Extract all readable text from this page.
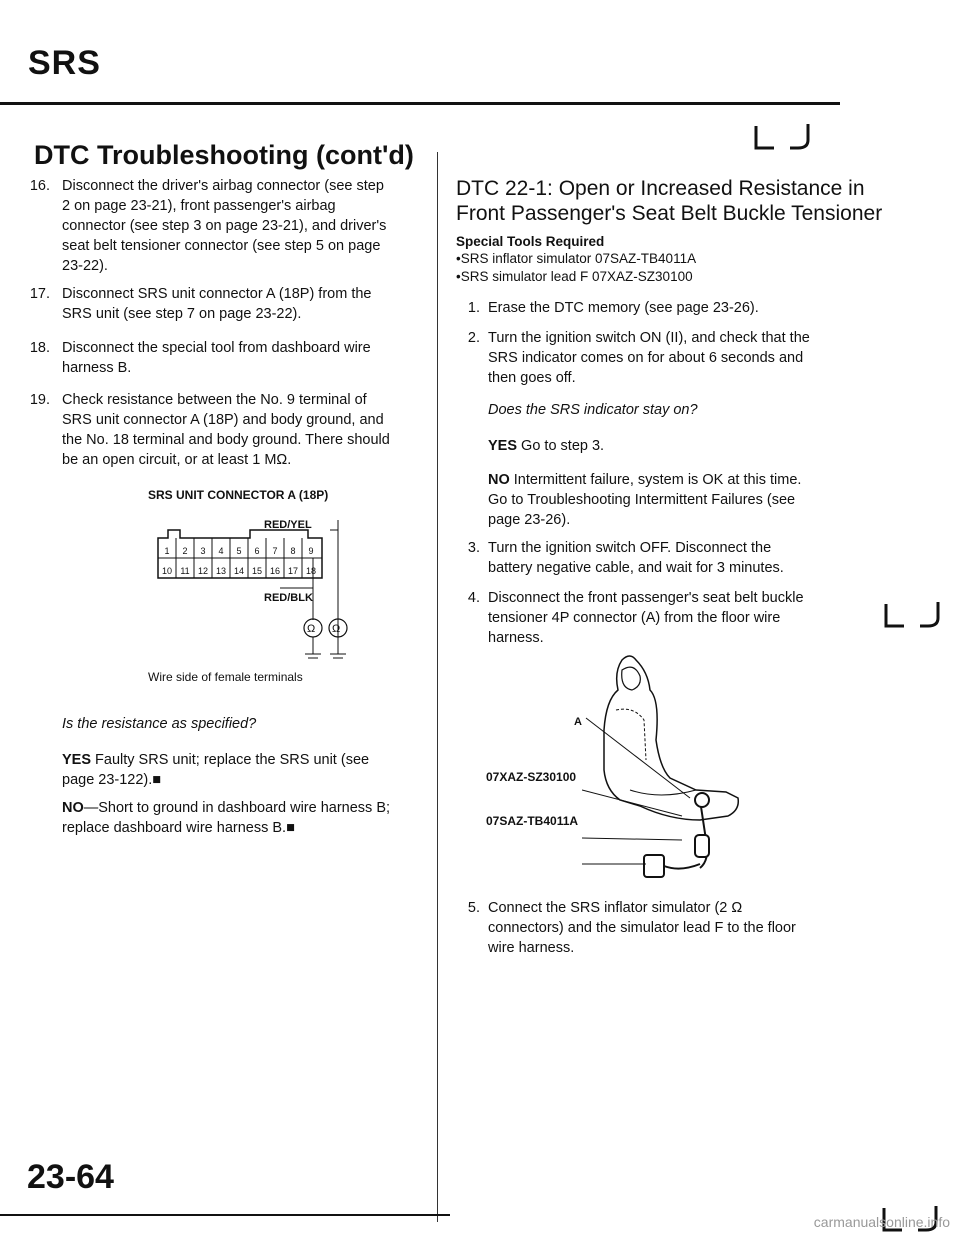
SRS
DTC Troubleshooting (cont'd)
16. Disconnect the driver's airbag connector (see step
2 on page 23-21), front passenger's airbag
connector (see step 3 on page 23-21), and driver's
seat belt tensioner connector (see step 5 on page
23-22).
17. Disconnect SRS unit connector A (18P) from the
SRS unit (see step 7 on page 23-22).
18. Disconnect the special tool from dashboard wire
harness B.
19. Check resistance between the No. 9 terminal of
SRS unit connector A (18P) and body ground, and
the No. 18 terminal and body ground. There should
be an open circuit, or at least 1 MΩ.
SRS UNIT CONNECTOR A (18P)
RED/YEL
RED/BLK
1	2	3	4	5	6	7	8	9
10 11 12 13 14 15 16 17 18
Ω Ω
Wire side of female terminals
Is the resistance as specified?
YES Faulty SRS unit; replace the SRS unit (see
page 23-122).■
NO—Short to ground in dashboard wire harness B;
replace dashboard wire harness B.■
DTC 22-1: Open or Increased Resistance in
Front Passenger's Seat Belt Buckle Tensioner
Special Tools Required
• SRS inflator simulator 07SAZ-TB4011A
• SRS simulator lead F 07XAZ-SZ30100
1. Erase the DTC memory (see page 23-26).
2. Turn the ignition switch ON (II), and check that the
SRS indicator comes on for about 6 seconds and
then goes off.
Does the SRS indicator stay on?
YES Go to step 3.
NO Intermittent failure, system is OK at this time.
Go to Troubleshooting Intermittent Failures (see
page 23-26).
3. Turn the ignition switch OFF. Disconnect the
battery negative cable, and wait for 3 minutes.
4. Disconnect the front passenger's seat belt buckle
tensioner 4P connector (A) from the floor wire
harness.
A
07XAZ-SZ30100
07SAZ-TB4011A
5. Connect the SRS inflator simulator (2 Ω
connectors) and the simulator lead F to the floor
wire harness.
23-64
carmanualsonline.info
